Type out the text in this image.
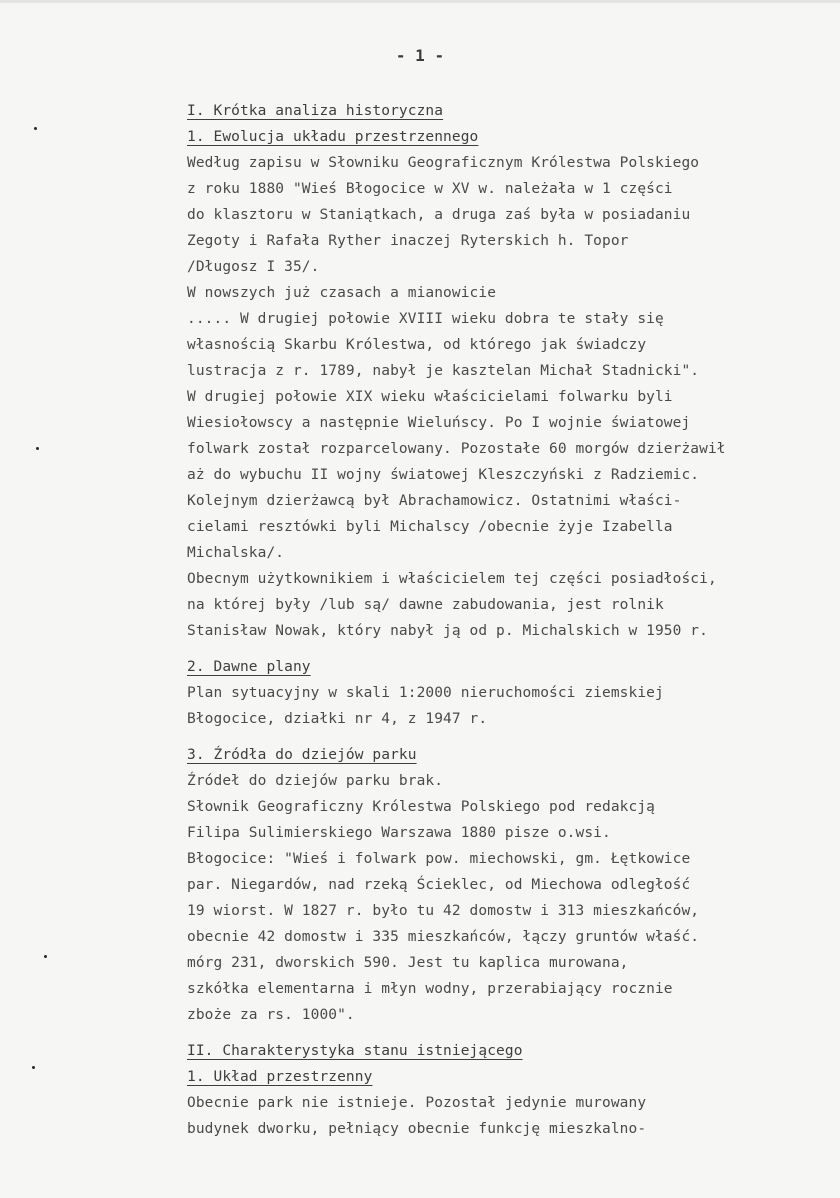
- 1 -
I. Krótka analiza historyczna
1. Ewolucja układu przestrzennego
Według zapisu w Słowniku Geograficznym Królestwa Polskiego
z roku 1880 "Wieś Błogocice w XV w. należała w 1 części
do klasztoru w Staniątkach, a druga zaś była w posiadaniu
Zegoty i Rafała Ryther inaczej Ryterskich h. Topor
/Długosz I 35/.
W nowszych już czasach a mianowicie
..... W drugiej połowie XVIII wieku dobra te stały się
własnością Skarbu Królestwa, od którego jak świadczy
lustracja z r. 1789, nabył je kasztelan Michał Stadnicki".
W drugiej połowie XIX wieku właścicielami folwarku byli
Wiesiołowscy a następnie Wieluńscy. Po I wojnie światowej
folwark został rozparcelowany. Pozostałe 60 morgów dzierżawił
aż do wybuchu II wojny światowej Kleszczyński z Radziemic.
Kolejnym dzierżawcą był Abrachamowicz. Ostatnimi właści-
cielami resztówki byli Michalscy /obecnie żyje Izabella
Michalska/.
Obecnym użytkownikiem i właścicielem tej części posiadłości,
na której były /lub są/ dawne zabudowania, jest rolnik
Stanisław Nowak, który nabył ją od p. Michalskich w 1950 r.
2. Dawne plany
Plan sytuacyjny w skali 1:2000 nieruchomości ziemskiej
Błogocice, działki nr 4, z 1947 r.
3. Źródła do dziejów parku
Źródeł do dziejów parku brak.
Słownik Geograficzny Królestwa Polskiego pod redakcją
Filipa Sulimierskiego Warszawa 1880 pisze o.wsi.
Błogocice: "Wieś i folwark pow. miechowski, gm. Łętkowice
par. Niegardów, nad rzeką Ścieklec, od Miechowa odległość
19 wiorst. W 1827 r. było tu 42 domostw i 313 mieszkańców,
obecnie 42 domostw i 335 mieszkańców, łączy gruntów właść.
mórg 231, dworskich 590. Jest tu kaplica murowana,
szkółka elementarna i młyn wodny, przerabiający rocznie
zboże za rs. 1000".
II. Charakterystyka stanu istniejącego
1. Układ przestrzenny
Obecnie park nie istnieje. Pozostał jedynie murowany
budynek dworku, pełniący obecnie funkcję mieszkalno-
